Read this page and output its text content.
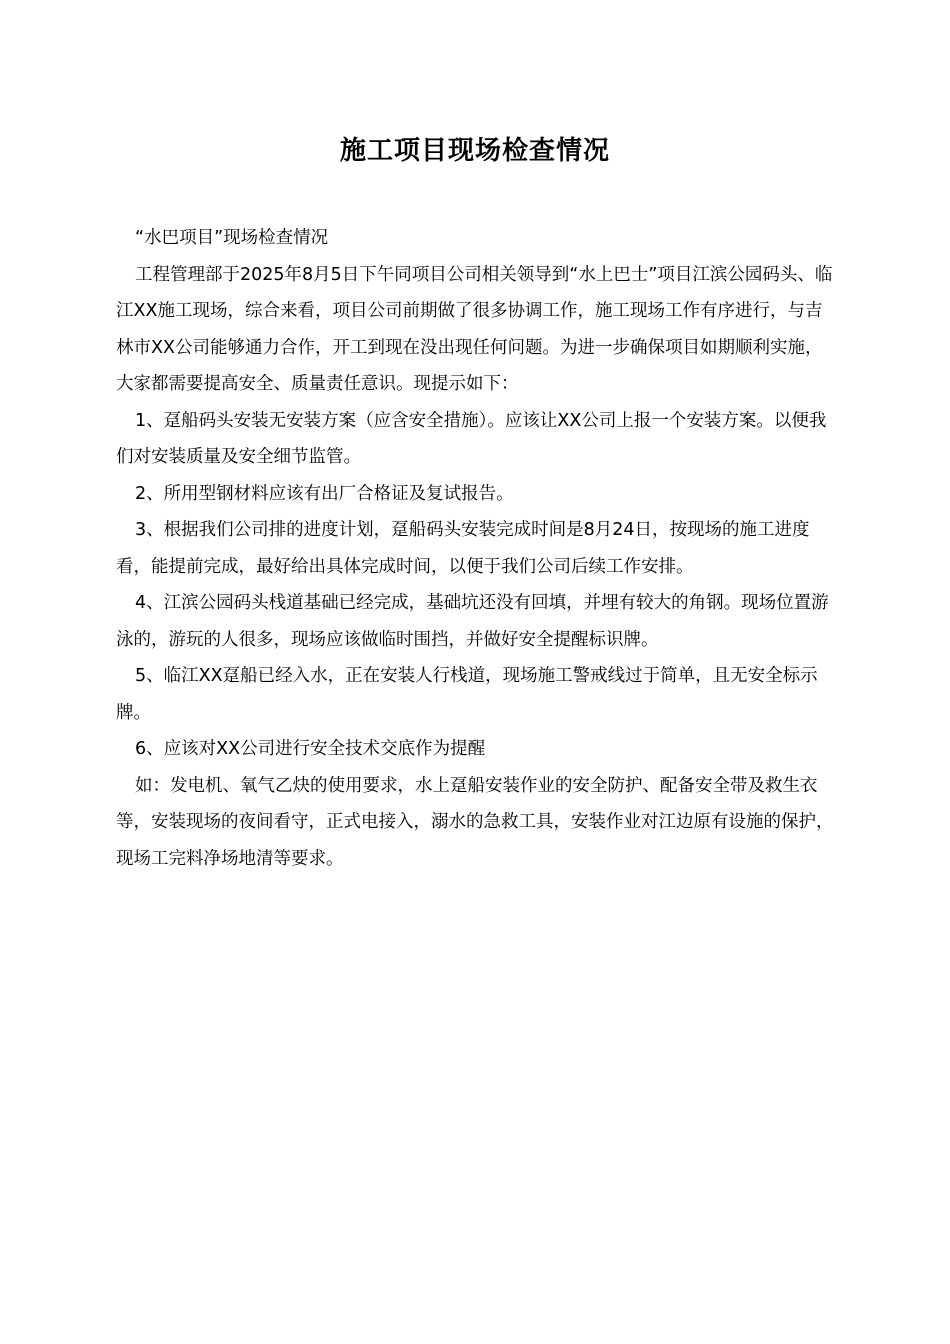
施工项目现场检查情况

“水巴项目”现场检查情况

工程管理部于2025年8月5日下午同项目公司相关领导到“水上巴士”项目江滨公园码头、临江XX施工现场，综合来看，项目公司前期做了很多协调工作，施工现场工作有序进行，与吉林市XX公司能够通力合作，开工到现在没出现任何问题。为进一步确保项目如期顺利实施，大家都需要提高安全、质量责任意识。现提示如下：

1、趸船码头安装无安装方案（应含安全措施）。应该让XX公司上报一个安装方案。以便我们对安装质量及安全细节监管。

2、所用型钢材料应该有出厂合格证及复试报告。

3、根据我们公司排的进度计划，趸船码头安装完成时间是8月24日，按现场的施工进度看，能提前完成，最好给出具体完成时间，以便于我们公司后续工作安排。

4、江滨公园码头栈道基础已经完成，基础坑还没有回填，并埋有较大的角钢。现场位置游泳的，游玩的人很多，现场应该做临时围挡，并做好安全提醒标识牌。

5、临江XX趸船已经入水，正在安装人行栈道，现场施工警戒线过于简单，且无安全标示牌。

6、应该对XX公司进行安全技术交底作为提醒

如：发电机、氧气乙炔的使用要求，水上趸船安装作业的安全防护、配备安全带及救生衣等，安装现场的夜间看守，正式电接入，溺水的急救工具，安装作业对江边原有设施的保护，现场工完料净场地清等要求。
